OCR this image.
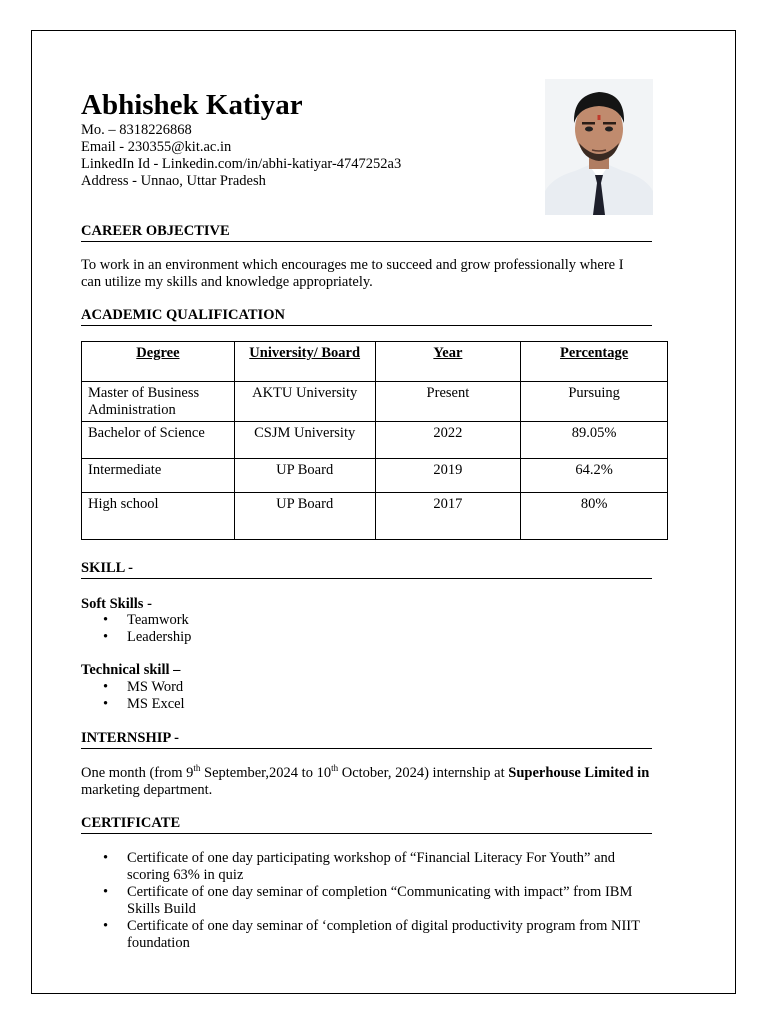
Abhishek Katiyar
Mo. – 8318226868
Email - 230355@kit.ac.in
LinkedIn Id - Linkedin.com/in/abhi-katiyar-4747252a3
Address - Unnao, Uttar Pradesh
CAREER OBJECTIVE

To work in an environment which encourages me to succeed and grow professionally where I can utilize my skills and knowledge appropriately.

ACADEMIC QUALIFICATION
Degree	University/ Board	Year	Percentage
Master of Business Administration	AKTU University	Present	Pursuing
Bachelor of Science	CSJM University	2022	89.05%
Intermediate	UP Board	2019	64.2%
High school	UP Board	2017	80%
SKILL -
Soft Skills -
• Teamwork
• Leadership
Technical skill –
• MS Word
• MS Excel
INTERNSHIP -

One month (from 9th September,2024 to 10th October, 2024) internship at Superhouse Limited in marketing department.

CERTIFICATE
• Certificate of one day participating workshop of “Financial Literacy For Youth” and scoring 63% in quiz
• Certificate of one day seminar of completion “Communicating with impact” from IBM Skills Build
• Certificate of one day seminar of ‘completion of digital productivity program from NIIT foundation
